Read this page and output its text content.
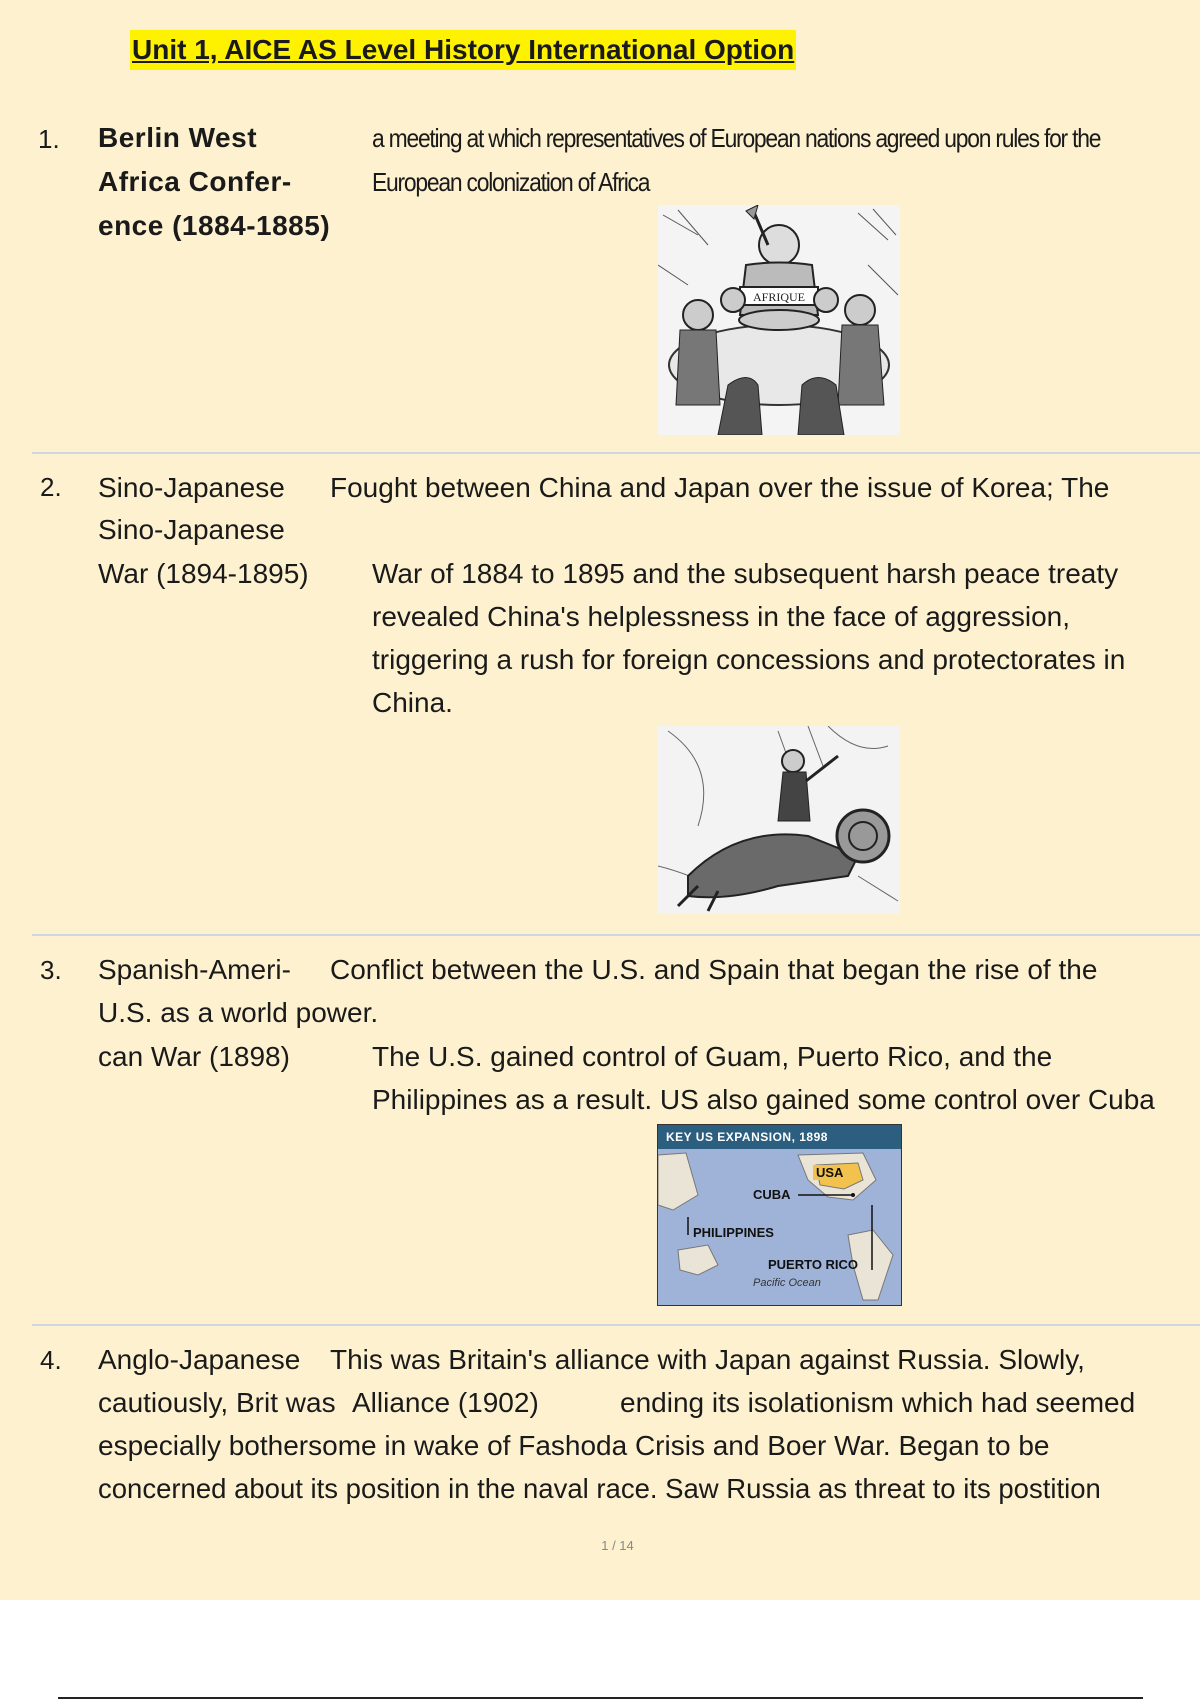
Unit 1, AICE AS Level History International Option
1. Berlin West
Africa Confer-
ence (1884-1885)
a meeting at which representatives of European nations agreed upon rules for the
European colonization of Africa
AFRIQUE
2. Sino-Japanese
Sino-Japanese
War (1894-1895)
Fought between China and Japan over the issue of Korea; The
War of 1884 to 1895 and the subsequent harsh peace treaty
revealed China's helplessness in the face of aggression,
triggering a rush for foreign concessions and protectorates in
China.
3. Spanish-Ameri- Conflict between the U.S. and Spain that began the rise of the
U.S. as a world power.
can War (1898)	The U.S. gained control of Guam, Puerto Rico, and the
Philippines as a result. US also gained some control over Cuba
KEY US EXPANSION, 1898
USA
CUBA
PHILIPPINES
PUERTO RICO
Pacific Ocean
4. Anglo-Japanese This was Britain's alliance with Japan against Russia. Slowly,
cautiously, Brit was Alliance (1902)	ending its isolationism which had seemed
especially bothersome in wake of Fashoda Crisis and Boer War. Began to be
concerned about its position in the naval race. Saw Russia as threat to its postition
1 / 14
